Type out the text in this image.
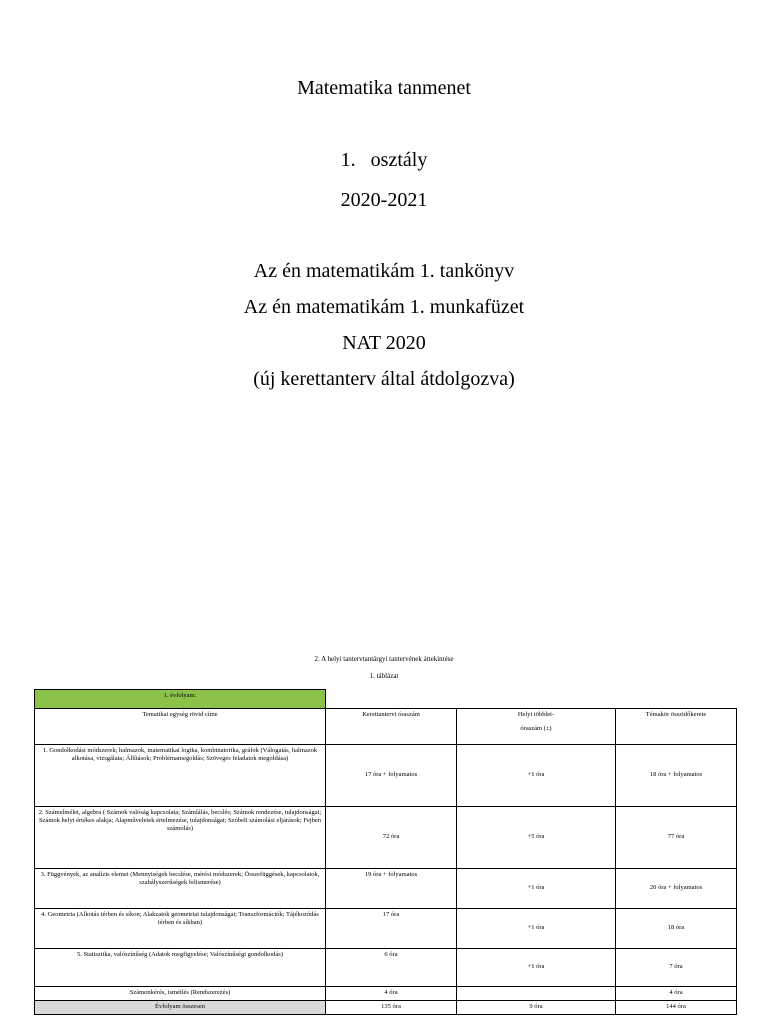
Matematika tanmenet
1. osztály
2020-2021
Az én matematikám 1. tankönyv
Az én matematikám 1. munkafüzet
NAT 2020
(új kerettanterv által átdolgozva)
2. A helyi tantervtantárgyi tantervének áttekintése
1. táblázat
1. évfolyam:			
Tematikai egység rövid címe	Kerettantervi óraszám	Helyi többlet-
óraszám (±)	Témakör összidőkerete
1. Gondolkodási módszerek; halmazok, matematikai logika, kombinatorika, gráfok (Válogatás, halmazok alkotása, vizsgálata; Állítások; Problémamegoldás; Szöveges feladatok megoldása)	17 óra + folyamatos	+1 óra	18 óra + folyamatos
2. Számelmélet, algebra ( Számok valóság kapcsolata; Számlálás, becslés; Számok rendezése, tulajdonságai; Számok helyi értékes alakja; Alapműveletek értelmezése, tulajdonságai; Szóbeli számolási eljárások; Fejben számolás)	72 óra	+5 óra	77 óra
3. Függvények, az analízis elemei (Mennyiségek becslése, mérési módszerek; Összefüggések, kapcsolatok, szabályszerűségek felismerése)	19 óra + folyamatos	+1 óra	20 óra + folyamatos
4. Geometria (Alkotás térben és síkon; Alakzatok geometriai tulajdonságai; Transzformációk; Tájékozódás térben és síkban)	17 óra	+1 óra	18 óra
5. Statisztika, valószínűség (Adatok megfigyelése; Valószínűségi gondolkodás)	6 óra	+1 óra	7 óra
Számonkérés, ismétlés (Rendszerezés)	4 óra		4 óra
Évfolyam összesen	135 óra	9 óra	144 óra
